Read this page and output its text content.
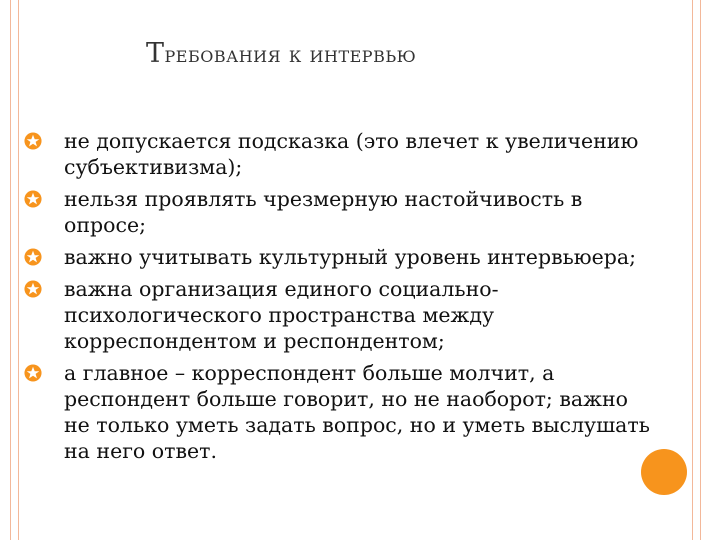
Требования к интервью
не допускается подсказка (это влечет к увеличению субъективизма);
нельзя проявлять чрезмерную настойчивость в опросе;
важно учитывать культурный уровень интервьюера;
важна организация единого социально-психологического пространства между корреспондентом и респондентом;
а главное – корреспондент больше молчит, а респондент больше говорит, но не наоборот; важно не только уметь задать вопрос, но и уметь выслушать на него ответ.
